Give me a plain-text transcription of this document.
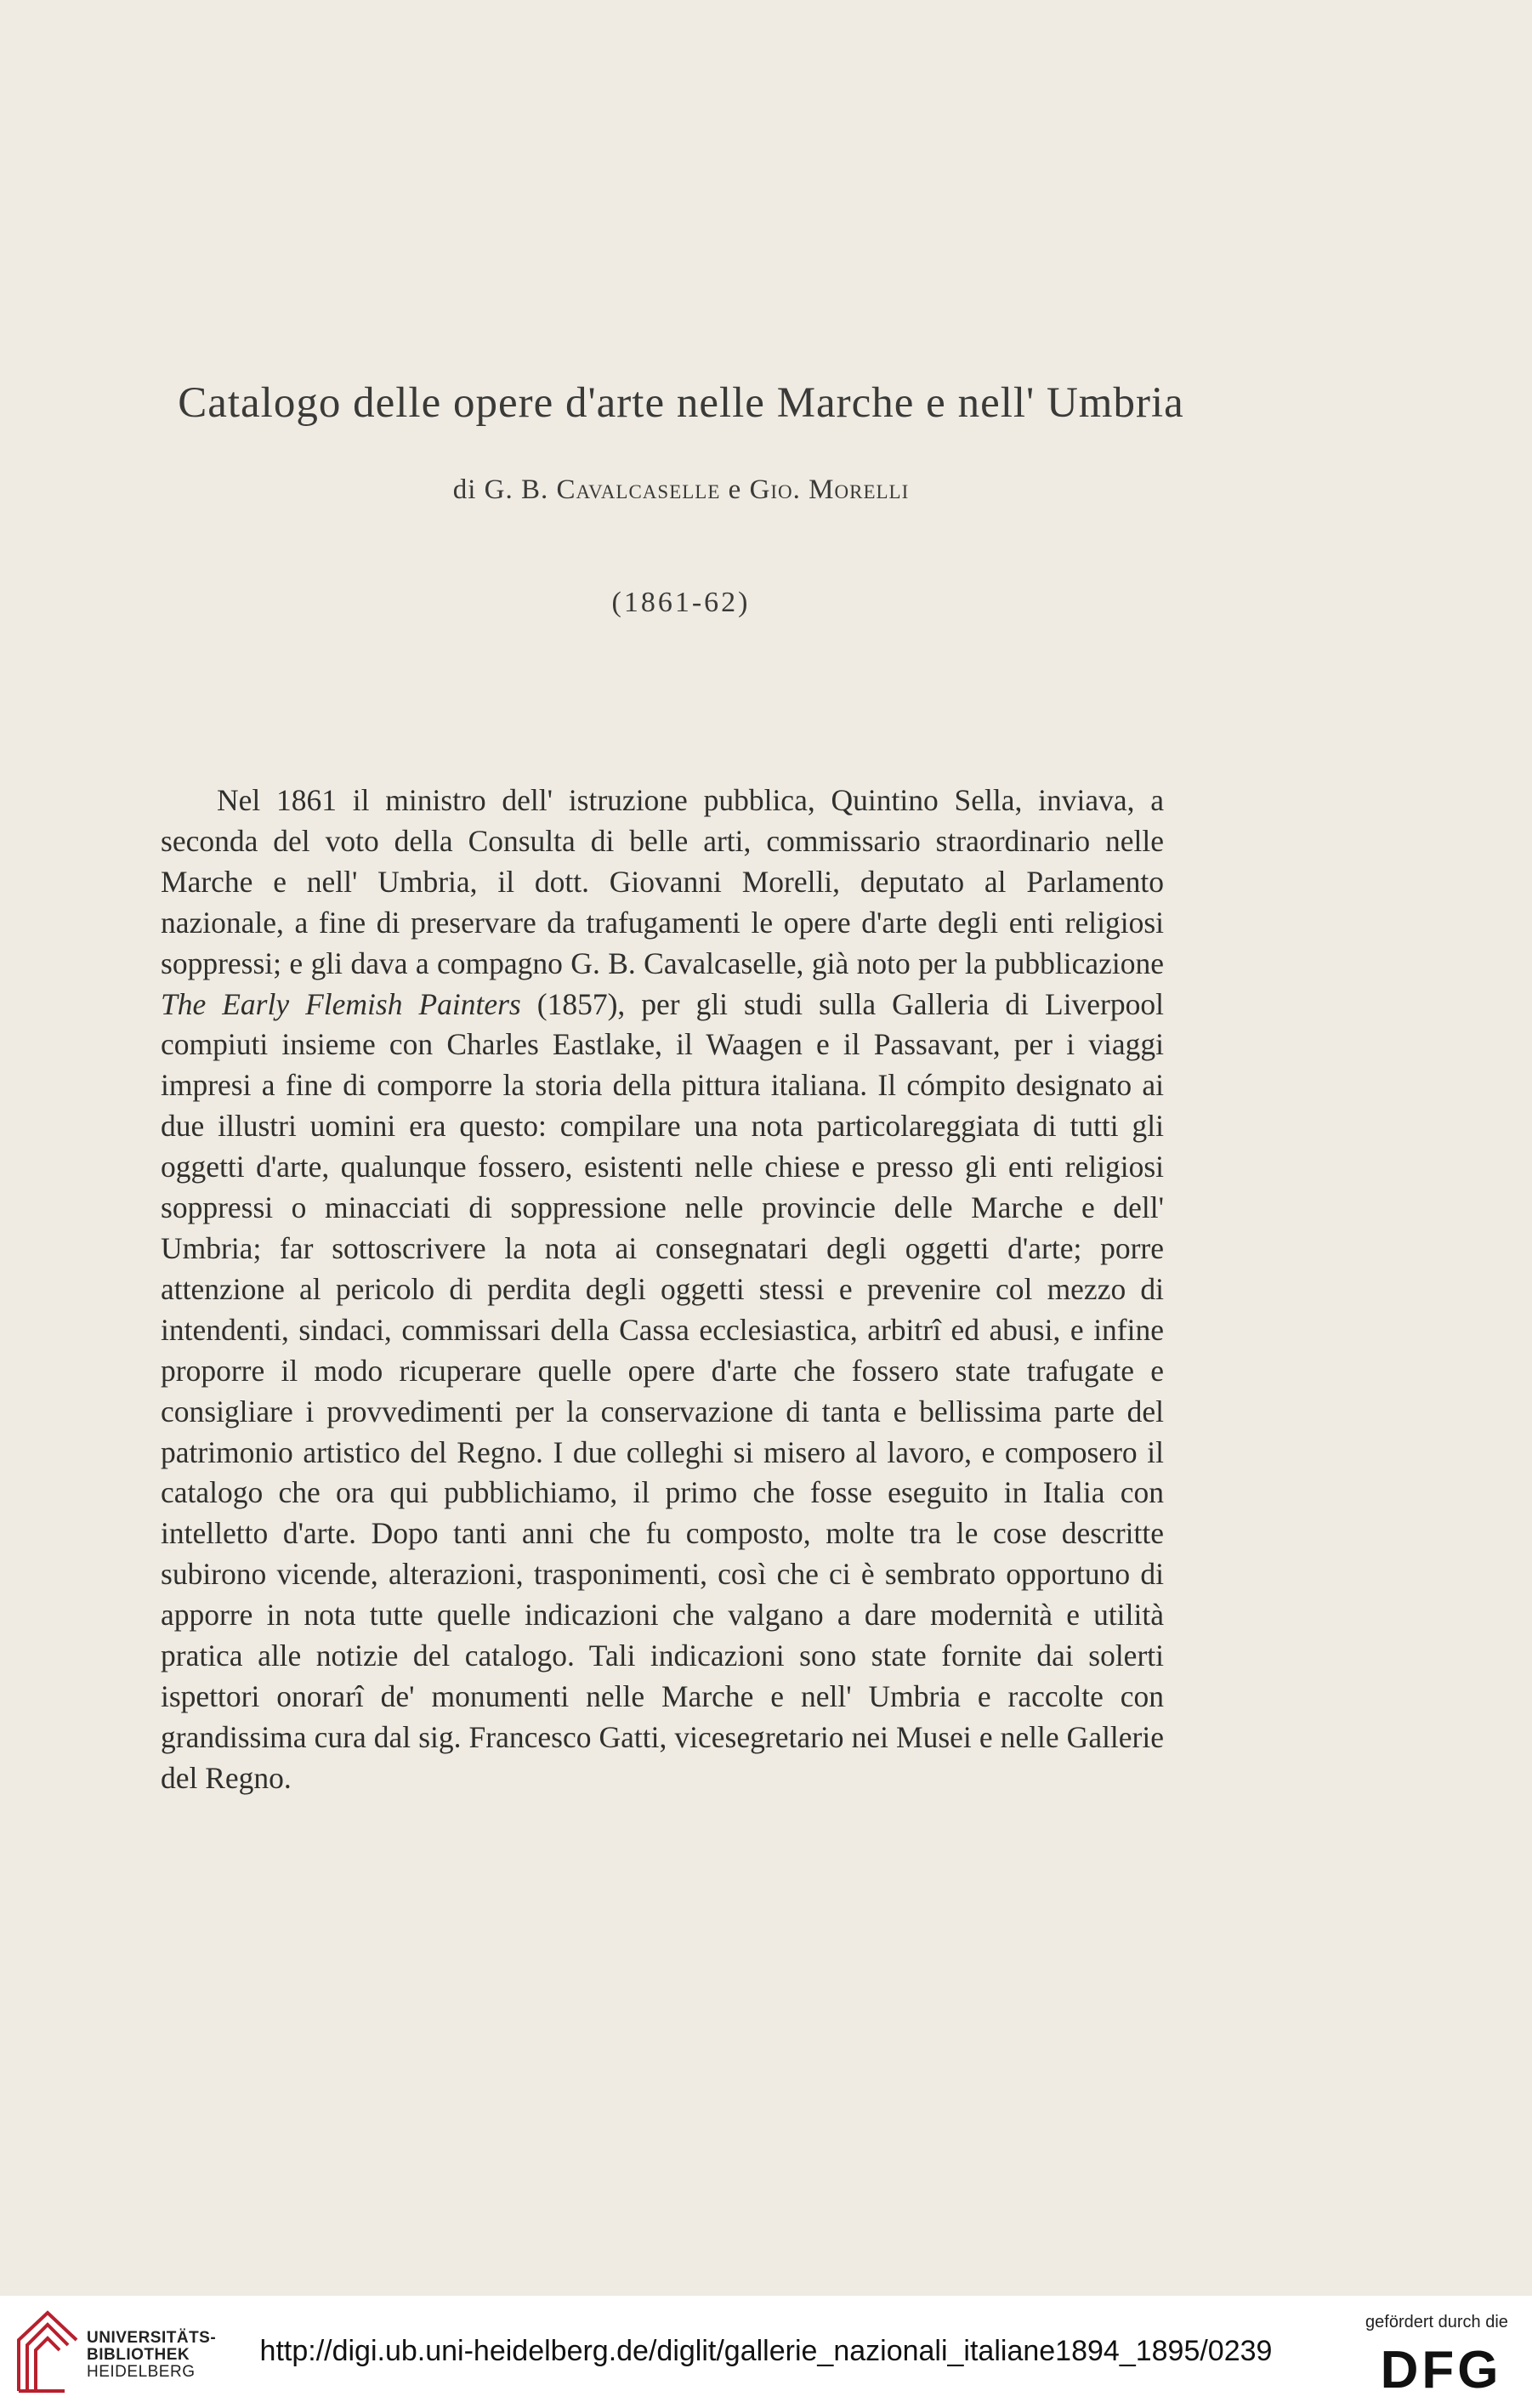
Catalogo delle opere d'arte nelle Marche e nell' Umbria
di G. B. Cavalcaselle e Gio. Morelli
(1861-62)

Nel 1861 il ministro dell' istruzione pubblica, Quintino Sella, inviava, a seconda del voto della Consulta di belle arti, commissario straordinario nelle Marche e nell' Umbria, il dott. Giovanni Morelli, deputato al Parlamento nazionale, a fine di preservare da trafugamenti le opere d'arte degli enti religiosi soppressi; e gli dava a compagno G. B. Cavalcaselle, già noto per la pubblicazione The Early Flemish Painters (1857), per gli studi sulla Galleria di Liverpool compiuti insieme con Charles Eastlake, il Waagen e il Passavant, per i viaggi impresi a fine di comporre la storia della pittura italiana. Il cómpito designato ai due illustri uomini era questo: compilare una nota particolareggiata di tutti gli oggetti d'arte, qualunque fossero, esistenti nelle chiese e presso gli enti religiosi soppressi o minacciati di soppressione nelle provincie delle Marche e dell' Umbria; far sottoscrivere la nota ai consegnatari degli oggetti d'arte; porre attenzione al pericolo di perdita degli oggetti stessi e prevenire col mezzo di intendenti, sindaci, commissari della Cassa ecclesiastica, arbitrî ed abusi, e infine proporre il modo ricuperare quelle opere d'arte che fossero state trafugate e consigliare i provvedimenti per la conservazione di tanta e bellissima parte del patrimonio artistico del Regno. I due colleghi si misero al lavoro, e composero il catalogo che ora qui pubblichiamo, il primo che fosse eseguito in Italia con intelletto d'arte. Dopo tanti anni che fu composto, molte tra le cose descritte subirono vicende, alterazioni, trasponimenti, così che ci è sembrato opportuno di apporre in nota tutte quelle indicazioni che valgano a dare modernità e utilità pratica alle notizie del catalogo. Tali indicazioni sono state fornite dai solerti ispettori onorarî de' monumenti nelle Marche e nell' Umbria e raccolte con grandissima cura dal sig. Francesco Gatti, vicesegretario nei Musei e nelle Gallerie del Regno.

UNIVERSITÄTS-
BIBLIOTHEK
HEIDELBERG
http://digi.ub.uni-heidelberg.de/diglit/gallerie_nazionali_italiane1894_1895/0239
gefördert durch die
DFG
